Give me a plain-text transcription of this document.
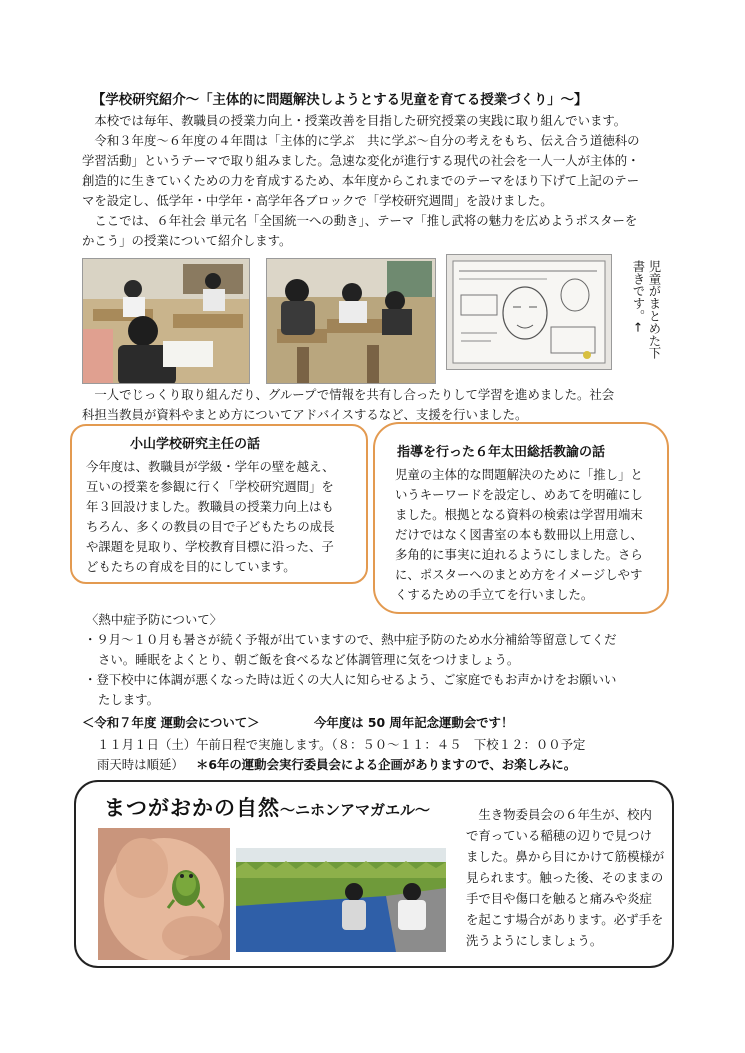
【学校研究紹介～「主体的に問題解決しようとする児童を育てる授業づくり」～】

本校では毎年、教職員の授業力向上・授業改善を目指した研究授業の実践に取り組んでいます。

令和３年度～６年度の４年間は「主体的に学ぶ　共に学ぶ～自分の考えをもち、伝え合う道徳科の

学習活動」というテーマで取り組みました。急速な変化が進行する現代の社会を一人一人が主体的・

創造的に生きていくための力を育成するため、本年度からこれまでのテーマをほり下げて上記のテー

マを設定し、低学年・中学年・高学年各ブロックで「学校研究週間」を設けました。

ここでは、６年社会 単元名「全国統一への動き」、テーマ「推し武将の魅力を広めようポスターを

かこう」の授業について紹介します。

児童がまとめた下書きです。←

一人でじっくり取り組んだり、グループで情報を共有し合ったりして学習を進めました。社会

科担当教員が資料やまとめ方についてアドバイスするなど、支援を行いました。

小山学校研究主任の話

今年度は、教職員が学級・学年の壁を越え、

互いの授業を参観に行く「学校研究週間」を

年３回設けました。教職員の授業力向上はも

ちろん、多くの教員の目で子どもたちの成長

や課題を見取り、学校教育目標に沿った、子

どもたちの育成を目的にしています。

指導を行った６年太田総括教諭の話

児童の主体的な問題解決のために「推し」と

いうキーワードを設定し、めあてを明確にし

ました。根拠となる資料の検索は学習用端末

だけではなく図書室の本も数冊以上用意し、

多角的に事実に迫れるようにしました。さら

に、ポスターへのまとめ方をイメージしやす

くするための手立てを行いました。

〈熱中症予防について〉

・９月～１０月も暑さが続く予報が出ていますので、熱中症予防のため水分補給等留意してくだ

さい。睡眠をよくとり、朝ご飯を食べるなど体調管理に気をつけましょう。

・登下校中に体調が悪くなった時は近くの大人に知らせるよう、ご家庭でもお声かけをお願いい

たします。

＜令和７年度 運動会について＞	今年度は 50 周年記念運動会です！
１１月１日（土）午前日程で実施します。（８：５０～１１：４５　下校１２：００予定
雨天時は順延） ＊6年の運動会実行委員会による企画がありますので、お楽しみに。
まつがおかの自然～ニホンアマガエル～	生き物委員会の６年生が、校内

で育っている稲穂の辺りで見つけ

ました。鼻から目にかけて筋模様が

見られます。触った後、そのままの

手で目や傷口を触ると痛みや炎症

を起こす場合があります。必ず手を

洗うようにしましょう。
